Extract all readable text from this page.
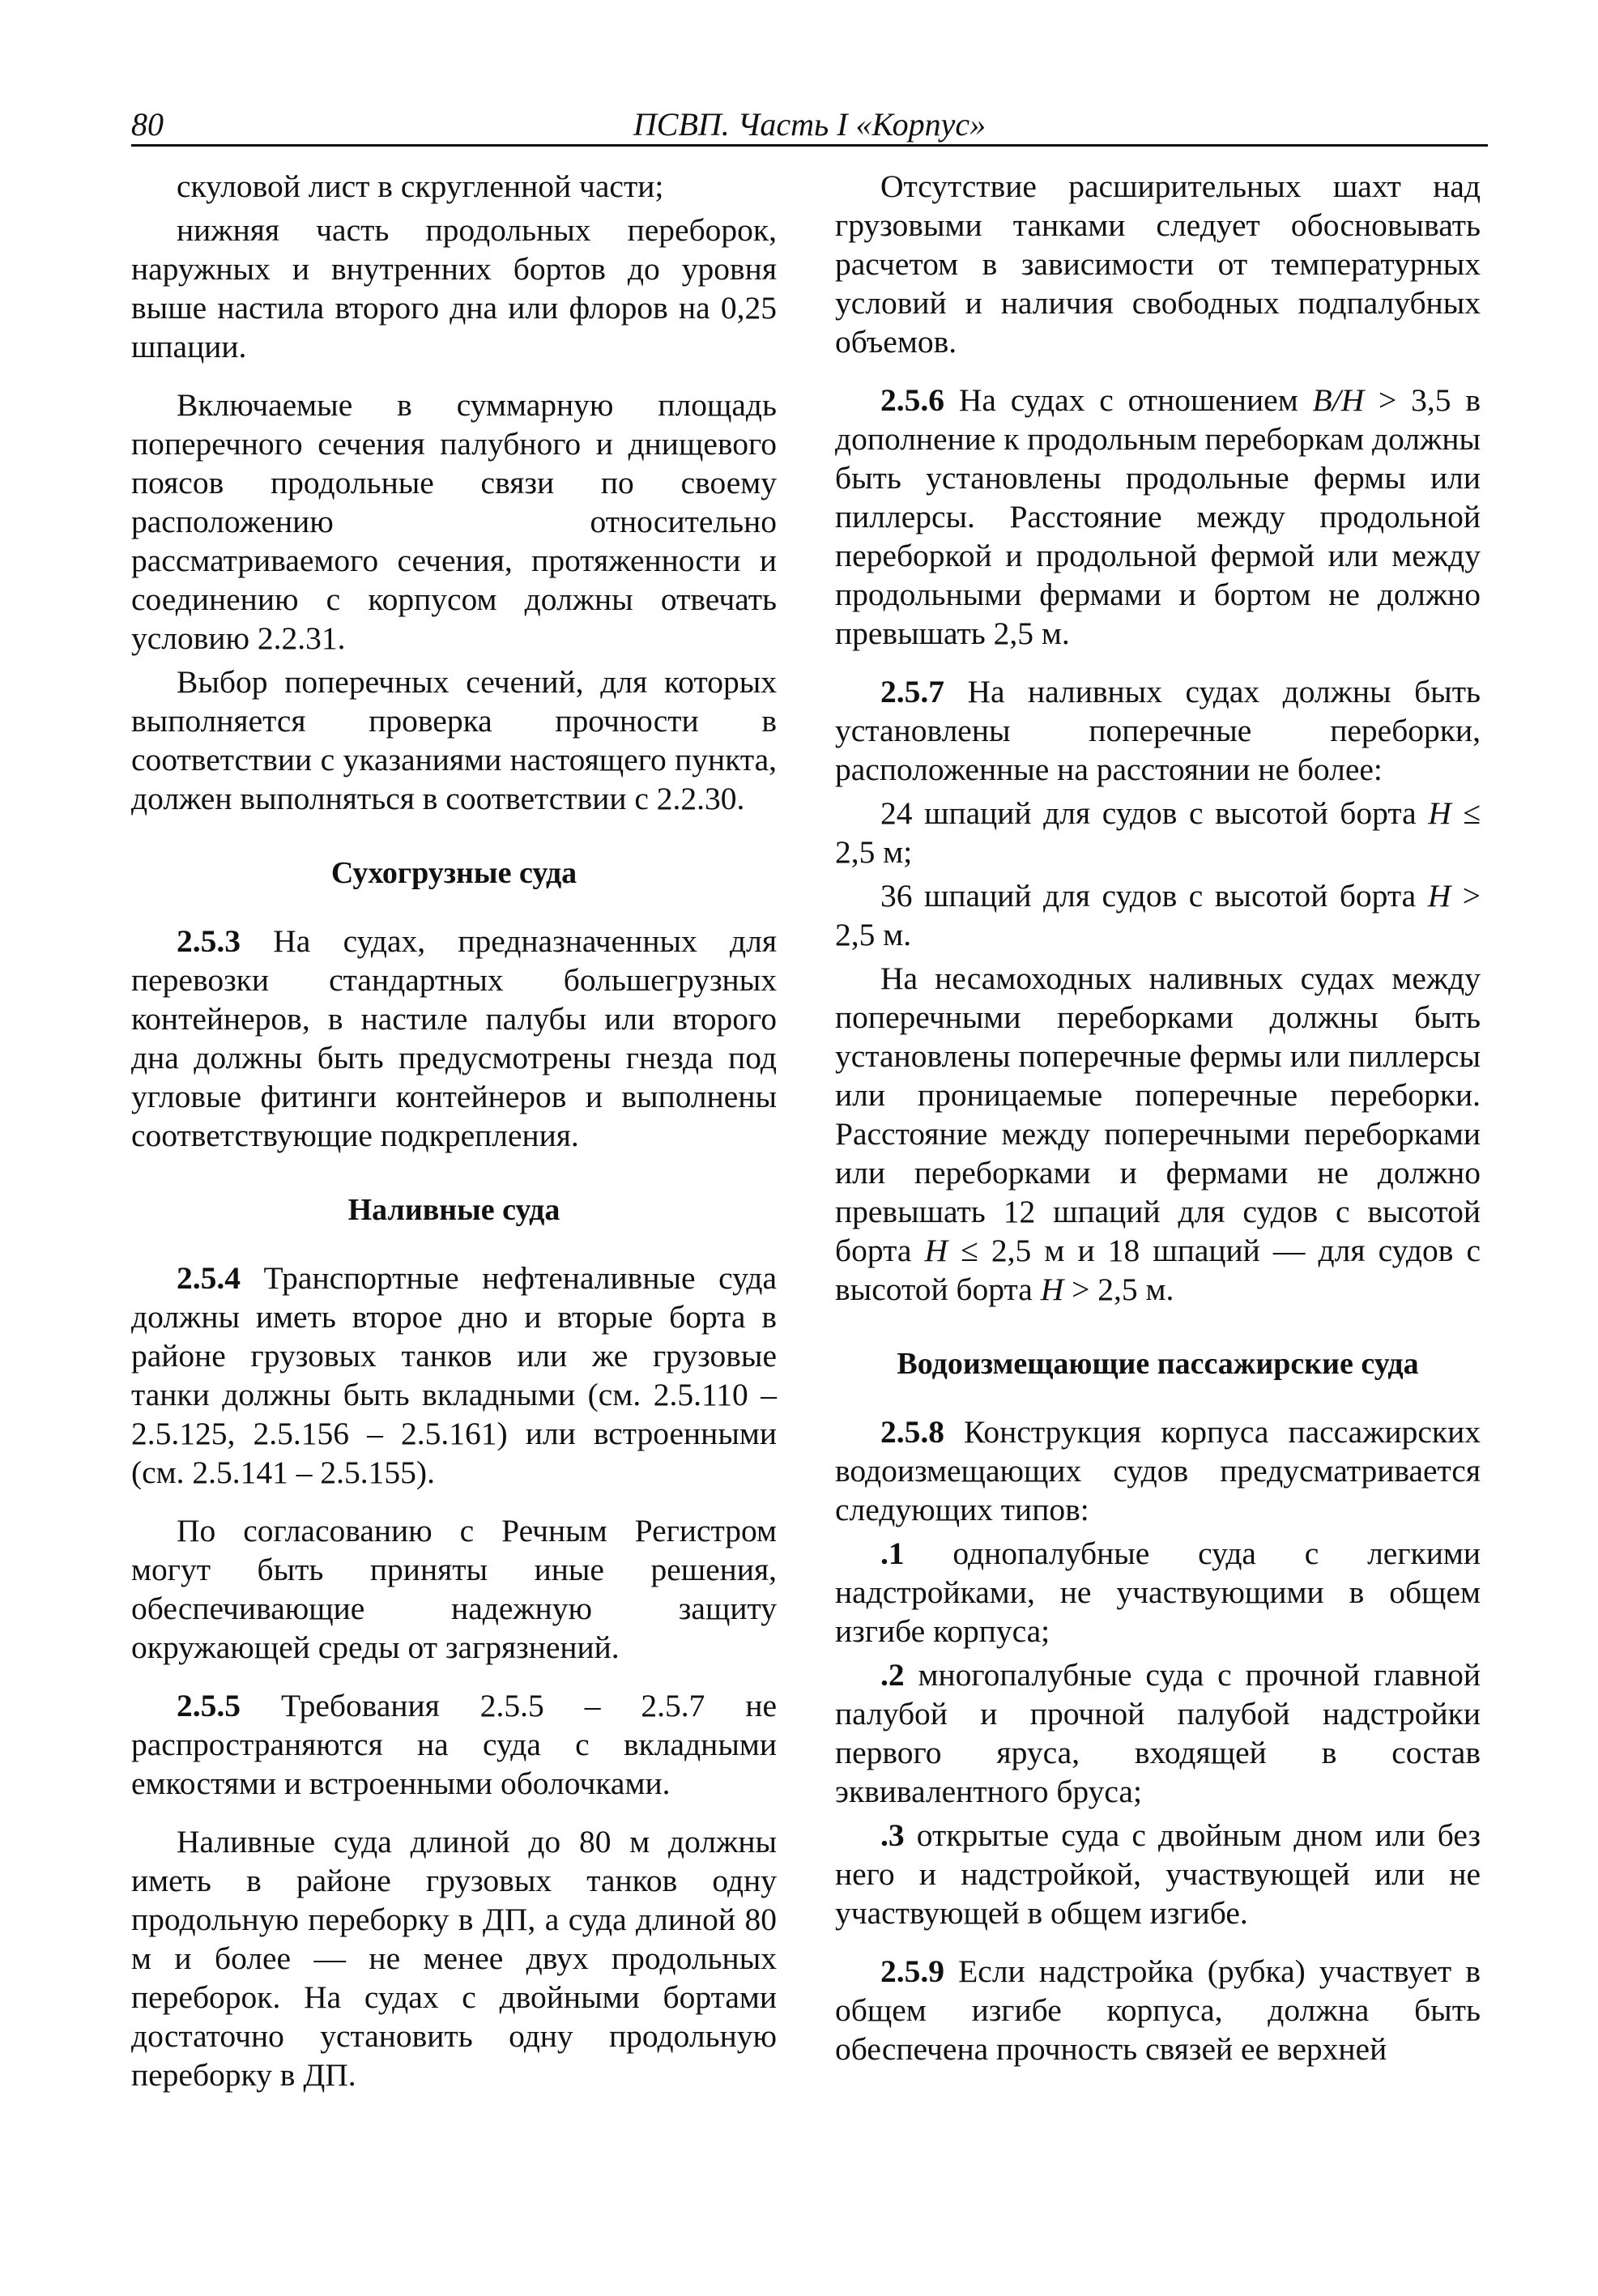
80	ПСВП. Часть I «Корпус»

скуловой лист в скругленной части;

нижняя часть продольных переборок, наружных и внутренних бортов до уровня выше настила второго дна или флоров на 0,25 шпации.

Включаемые в суммарную площадь поперечного сечения палубного и днищевого поясов продольные связи по своему расположению относительно рассматриваемого сечения, протяженности и соединению с корпусом должны отвечать условию 2.2.31.

Выбор поперечных сечений, для которых выполняется проверка прочности в соответствии с указаниями настоящего пункта, должен выполняться в соответствии с 2.2.30.

Сухогрузные суда

2.5.3 На судах, предназначенных для перевозки стандартных большегрузных контейнеров, в настиле палубы или второго дна должны быть предусмотрены гнезда под угловые фитинги контейнеров и выполнены соответствующие подкрепления.

Наливные суда

2.5.4 Транспортные нефтеналивные суда должны иметь второе дно и вторые борта в районе грузовых танков или же грузовые танки должны быть вкладными (см. 2.5.110 – 2.5.125, 2.5.156 – 2.5.161) или встроенными (см. 2.5.141 – 2.5.155).

По согласованию с Речным Регистром могут быть приняты иные решения, обеспечивающие надежную защиту окружающей среды от загрязнений.

2.5.5 Требования 2.5.5 – 2.5.7 не распространяются на суда с вкладными емкостями и встроенными оболочками.

Наливные суда длиной до 80 м должны иметь в районе грузовых танков одну продольную переборку в ДП, а суда длиной 80 м и более — не менее двух продольных переборок. На судах с двойными бортами достаточно установить одну продольную переборку в ДП.

Отсутствие расширительных шахт над грузовыми танками следует обосновывать расчетом в зависимости от температурных условий и наличия свободных подпалубных объемов.

2.5.6 На судах с отношением B/H > 3,5 в дополнение к продольным переборкам должны быть установлены продольные фермы или пиллерсы. Расстояние между продольной переборкой и продольной фермой или между продольными фермами и бортом не должно превышать 2,5 м.

2.5.7 На наливных судах должны быть установлены поперечные переборки, расположенные на расстоянии не более:

24 шпаций для судов с высотой борта H ≤ 2,5 м;

36 шпаций для судов с высотой борта H > 2,5 м.

На несамоходных наливных судах между поперечными переборками должны быть установлены поперечные фермы или пиллерсы или проницаемые поперечные переборки. Расстояние между поперечными переборками или переборками и фермами не должно превышать 12 шпаций для судов с высотой борта H ≤ 2,5 м и 18 шпаций — для судов с высотой борта H > 2,5 м.

Водоизмещающие пассажирские суда

2.5.8 Конструкция корпуса пассажирских водоизмещающих судов предусматривается следующих типов:

.1 однопалубные суда с легкими надстройками, не участвующими в общем изгибе корпуса;

.2 многопалубные суда с прочной главной палубой и прочной палубой надстройки первого яруса, входящей в состав эквивалентного бруса;

.3 открытые суда с двойным дном или без него и надстройкой, участвующей или не участвующей в общем изгибе.

2.5.9 Если надстройка (рубка) участвует в общем изгибе корпуса, должна быть обеспечена прочность связей ее верхней
